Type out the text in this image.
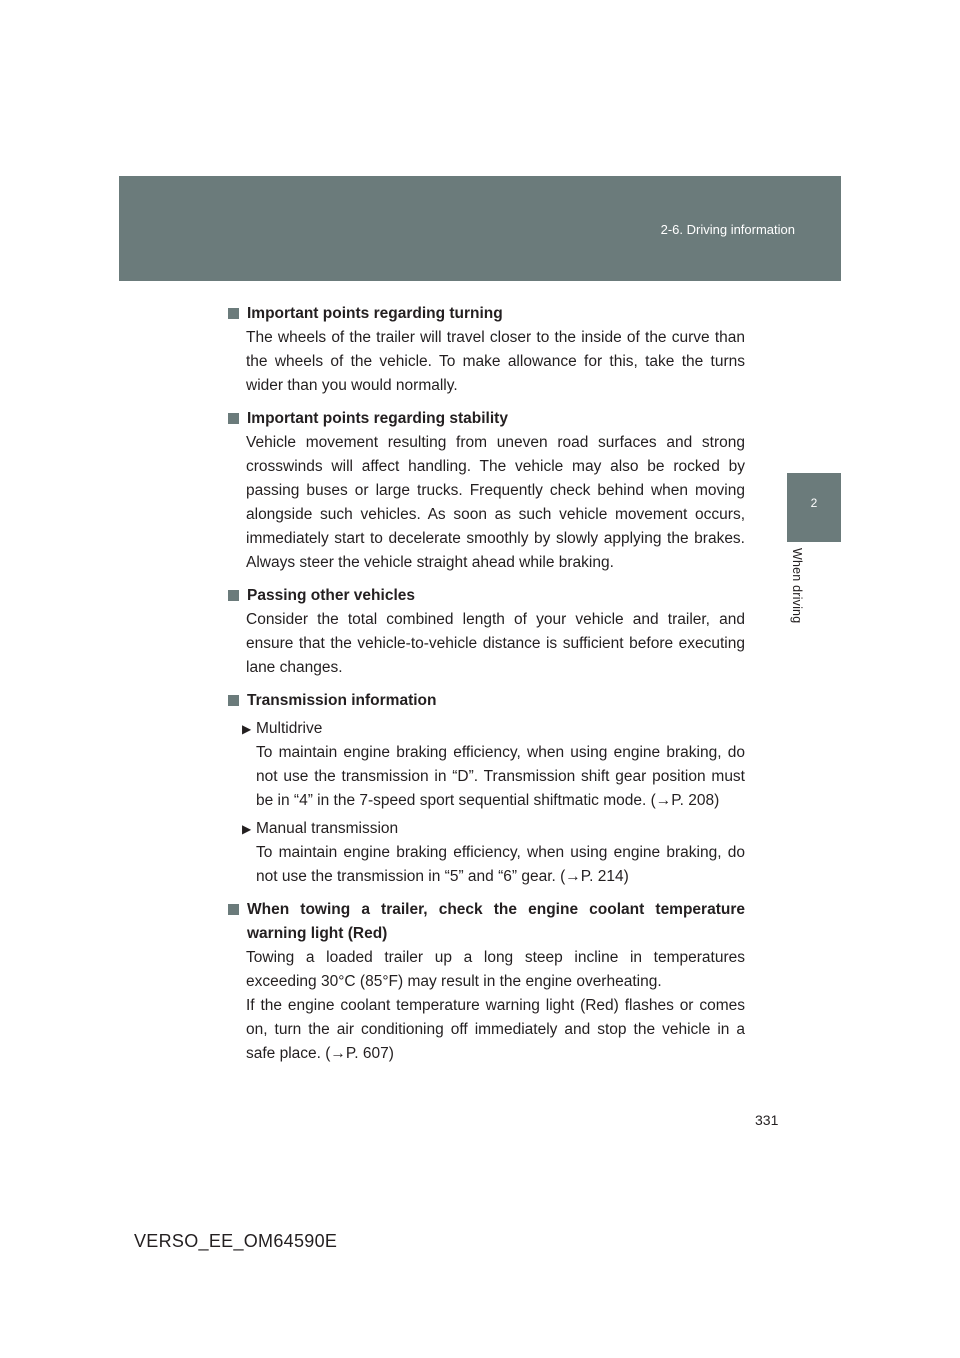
2-6. Driving information
2
When driving
Important points regarding turning
The wheels of the trailer will travel closer to the inside of the curve than the wheels of the vehicle. To make allowance for this, take the turns wider than you would normally.
Important points regarding stability
Vehicle movement resulting from uneven road surfaces and strong crosswinds will affect handling. The vehicle may also be rocked by passing buses or large trucks. Frequently check behind when moving alongside such vehicles. As soon as such vehicle movement occurs, immediately start to decelerate smoothly by slowly applying the brakes. Always steer the vehicle straight ahead while braking.
Passing other vehicles
Consider the total combined length of your vehicle and trailer, and ensure that the vehicle-to-vehicle distance is sufficient before executing lane changes.
Transmission information
▶ Multidrive
To maintain engine braking efficiency, when using engine braking, do not use the transmission in “D”. Transmission shift gear position must be in “4” in the 7-speed sport sequential shiftmatic mode. (→P. 208)
▶ Manual transmission
To maintain engine braking efficiency, when using engine braking, do not use the transmission in “5” and “6” gear. (→P. 214)
When towing a trailer, check the engine coolant temperature warning light (Red)
Towing a loaded trailer up a long steep incline in temperatures exceeding 30°C (85°F) may result in the engine overheating.
If the engine coolant temperature warning light (Red) flashes or comes on, turn the air conditioning off immediately and stop the vehicle in a safe place. (→P. 607)
331
VERSO_EE_OM64590E
